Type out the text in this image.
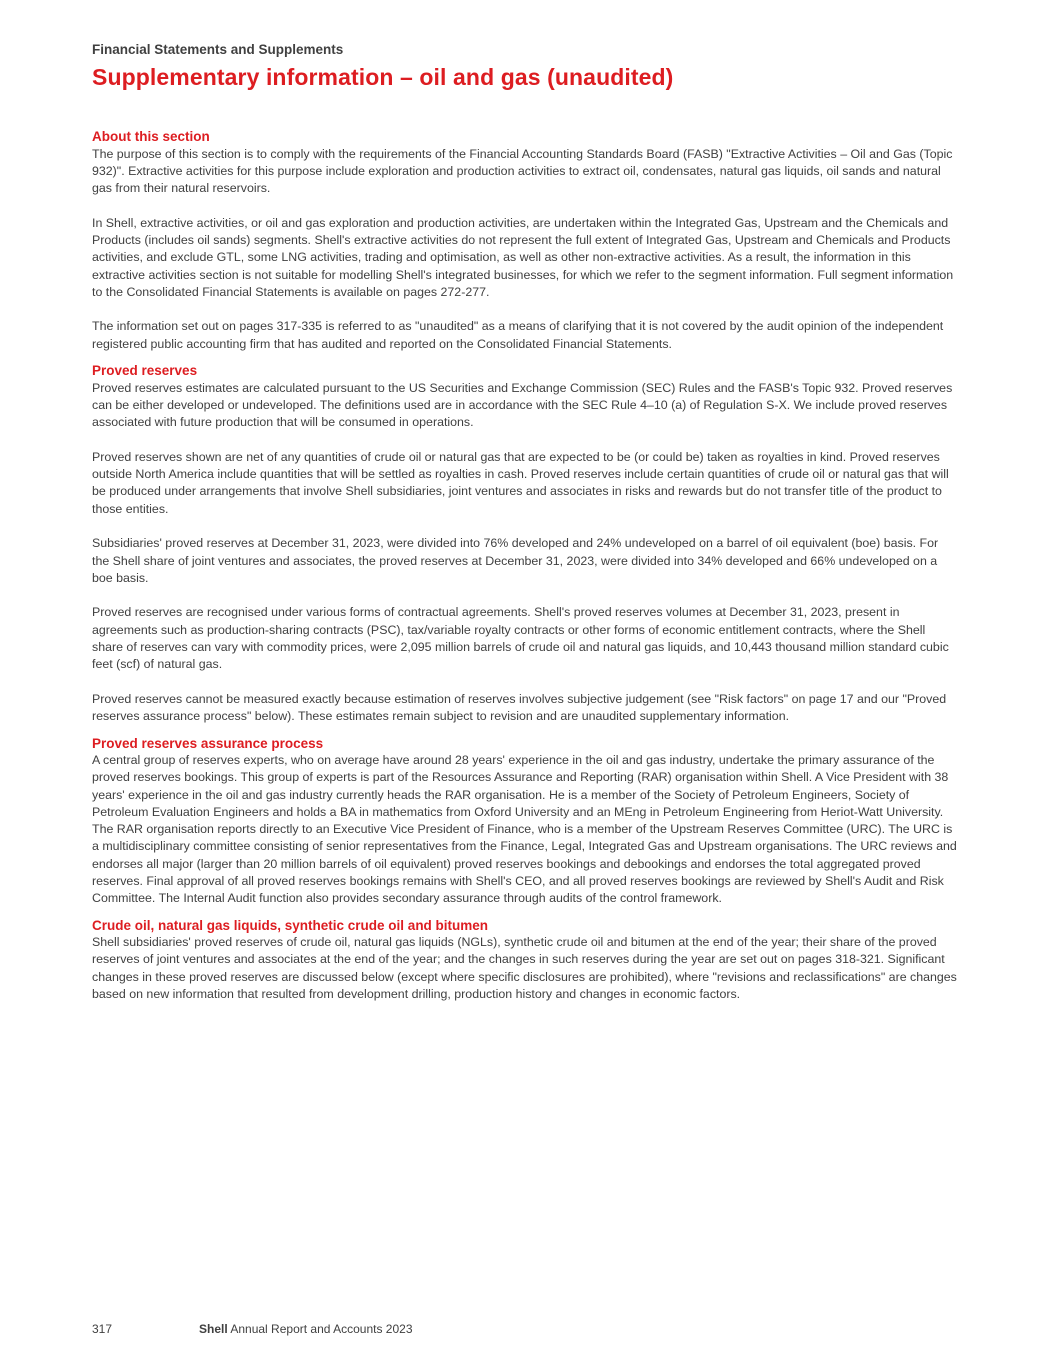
Financial Statements and Supplements
Supplementary information – oil and gas (unaudited)
About this section

The purpose of this section is to comply with the requirements of the Financial Accounting Standards Board (FASB) "Extractive Activities – Oil and Gas (Topic 932)". Extractive activities for this purpose include exploration and production activities to extract oil, condensates, natural gas liquids, oil sands and natural gas from their natural reservoirs.

In Shell, extractive activities, or oil and gas exploration and production activities, are undertaken within the Integrated Gas, Upstream and the Chemicals and Products (includes oil sands) segments. Shell's extractive activities do not represent the full extent of Integrated Gas, Upstream and Chemicals and Products activities, and exclude GTL, some LNG activities, trading and optimisation, as well as other non-extractive activities. As a result, the information in this extractive activities section is not suitable for modelling Shell's integrated businesses, for which we refer to the segment information. Full segment information to the Consolidated Financial Statements is available on pages 272-277.

The information set out on pages 317-335 is referred to as "unaudited" as a means of clarifying that it is not covered by the audit opinion of the independent registered public accounting firm that has audited and reported on the Consolidated Financial Statements.

Proved reserves

Proved reserves estimates are calculated pursuant to the US Securities and Exchange Commission (SEC) Rules and the FASB's Topic 932. Proved reserves can be either developed or undeveloped. The definitions used are in accordance with the SEC Rule 4–10 (a) of Regulation S-X. We include proved reserves associated with future production that will be consumed in operations.

Proved reserves shown are net of any quantities of crude oil or natural gas that are expected to be (or could be) taken as royalties in kind. Proved reserves outside North America include quantities that will be settled as royalties in cash. Proved reserves include certain quantities of crude oil or natural gas that will be produced under arrangements that involve Shell subsidiaries, joint ventures and associates in risks and rewards but do not transfer title of the product to those entities.

Subsidiaries' proved reserves at December 31, 2023, were divided into 76% developed and 24% undeveloped on a barrel of oil equivalent (boe) basis. For the Shell share of joint ventures and associates, the proved reserves at December 31, 2023, were divided into 34% developed and 66% undeveloped on a boe basis.

Proved reserves are recognised under various forms of contractual agreements. Shell's proved reserves volumes at December 31, 2023, present in agreements such as production-sharing contracts (PSC), tax/variable royalty contracts or other forms of economic entitlement contracts, where the Shell share of reserves can vary with commodity prices, were 2,095 million barrels of crude oil and natural gas liquids, and 10,443 thousand million standard cubic feet (scf) of natural gas.

Proved reserves cannot be measured exactly because estimation of reserves involves subjective judgement (see "Risk factors" on page 17 and our "Proved reserves assurance process" below). These estimates remain subject to revision and are unaudited supplementary information.

Proved reserves assurance process

A central group of reserves experts, who on average have around 28 years' experience in the oil and gas industry, undertake the primary assurance of the proved reserves bookings. This group of experts is part of the Resources Assurance and Reporting (RAR) organisation within Shell. A Vice President with 38 years' experience in the oil and gas industry currently heads the RAR organisation. He is a member of the Society of Petroleum Engineers, Society of Petroleum Evaluation Engineers and holds a BA in mathematics from Oxford University and an MEng in Petroleum Engineering from Heriot-Watt University. The RAR organisation reports directly to an Executive Vice President of Finance, who is a member of the Upstream Reserves Committee (URC). The URC is a multidisciplinary committee consisting of senior representatives from the Finance, Legal, Integrated Gas and Upstream organisations. The URC reviews and endorses all major (larger than 20 million barrels of oil equivalent) proved reserves bookings and debookings and endorses the total aggregated proved reserves. Final approval of all proved reserves bookings remains with Shell's CEO, and all proved reserves bookings are reviewed by Shell's Audit and Risk Committee. The Internal Audit function also provides secondary assurance through audits of the control framework.

Crude oil, natural gas liquids, synthetic crude oil and bitumen

Shell subsidiaries' proved reserves of crude oil, natural gas liquids (NGLs), synthetic crude oil and bitumen at the end of the year; their share of the proved reserves of joint ventures and associates at the end of the year; and the changes in such reserves during the year are set out on pages 318-321. Significant changes in these proved reserves are discussed below (except where specific disclosures are prohibited), where "revisions and reclassifications" are changes based on new information that resulted from development drilling, production history and changes in economic factors.

317	Shell Annual Report and Accounts 2023
